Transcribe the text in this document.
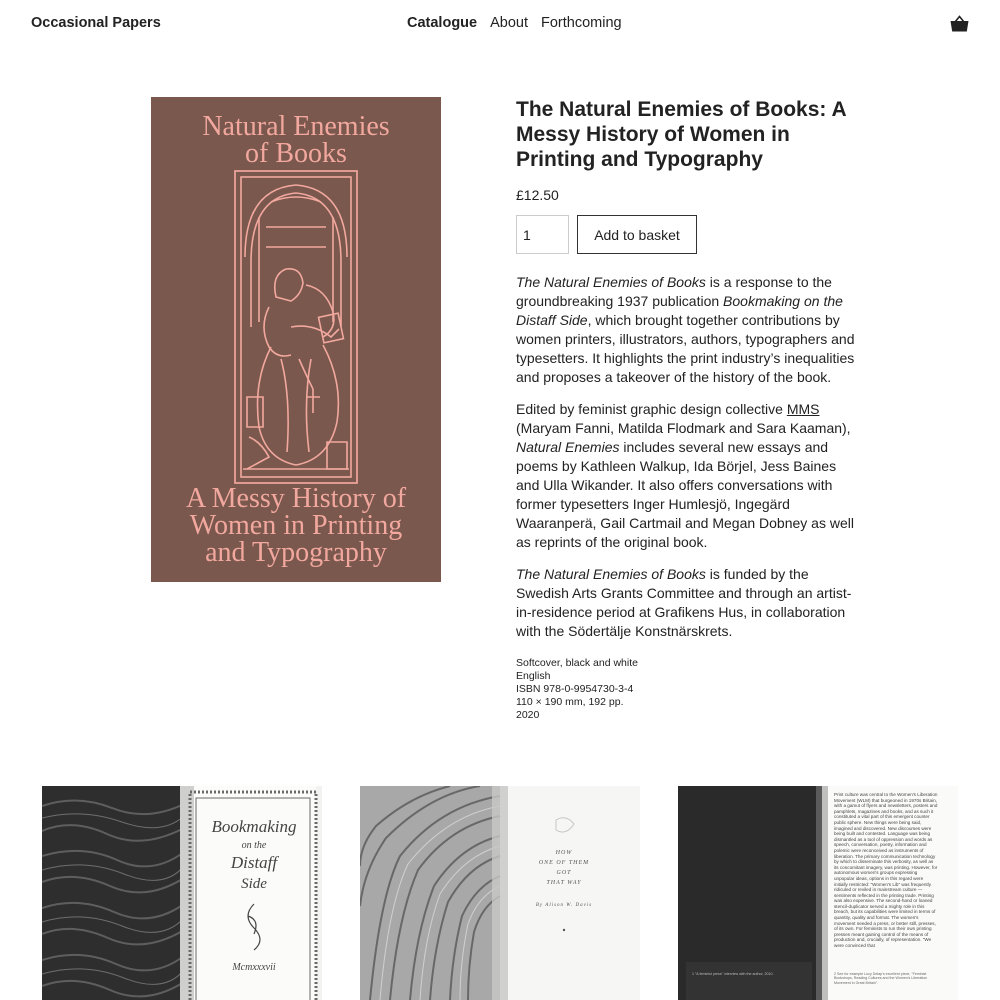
Occasional Papers	Catalogue About Forthcoming
Natural Enemies
of Books
A Messy History of
Women in Printing
and Typography
The Natural Enemies of Books: A Messy History of Women in Printing and Typography
£12.50
1
Add to basket

The Natural Enemies of Books is a response to the groundbreaking 1937 publication Bookmaking on the Distaff Side, which brought together contributions by women printers, illustrators, authors, typographers and typesetters. It highlights the print industry’s inequalities and proposes a takeover of the history of the book.

Edited by feminist graphic design collective MMS (Maryam Fanni, Matilda Flodmark and Sara Kaaman), Natural Enemies includes several new essays and poems by Kathleen Walkup, Ida Börjel, Jess Baines and Ulla Wikander. It also offers conversations with former typesetters Inger Humlesjö, Ingegärd Waaranperä, Gail Cartmail and Megan Dobney as well as reprints of the original book.

The Natural Enemies of Books is funded by the Swedish Arts Grants Committee and through an artist-in-residence period at Grafikens Hus, in collaboration with the Södertälje Konstnärskrets.

Softcover, black and white
English
ISBN 978-0-9954730-3-4
110 × 190 mm, 192 pp.
2020
Bookmaking
on the
Distaff
Side
Mcmxxxvii
HOW
ONE OF THEM
GOT
THAT WAY
By Alison W. Davis
Print culture was central to the Women's Liberation Movement (WLM) that burgeoned in 1970s Britain, with a gamut of flyers and newsletters, posters and pamphlets, magazines and books, and as such it constituted a vital part of this emergent counter public sphere. New things were being said, imagined and discovered. New discourses were being built and contested. Language was being dismantled as a tool of oppression and words as speech, conversation, poetry, information and polemic were reconceived as instruments of liberation. The primary communication technology by which to disseminate this verbosity, as well as its concomitant imagery, was printing. However, for autonomous women's groups expressing unpopular ideas, options in this regard were initially restricted: "Women's Lib" was frequently ridiculed or reviled in mainstream culture — sentiments reflected in the printing trade. Printing was also expensive. The second-hand or loaned stencil-duplicator served a mighty role in this breach, but its capabilities were limited in terms of quantity, quality and format. The women's movement needed a press, or better still, presses, of its own. For feminists to run their own printing presses meant gaining control of the means of production and, crucially, of representation. "We were convinced that
1 "A feminist press" interview with the author, 2010.	2 See for example Lucy Delap's excellent piece, "Feminist Bookshops, Reading Cultures and the Women's Liberation Movement in Great Britain".
